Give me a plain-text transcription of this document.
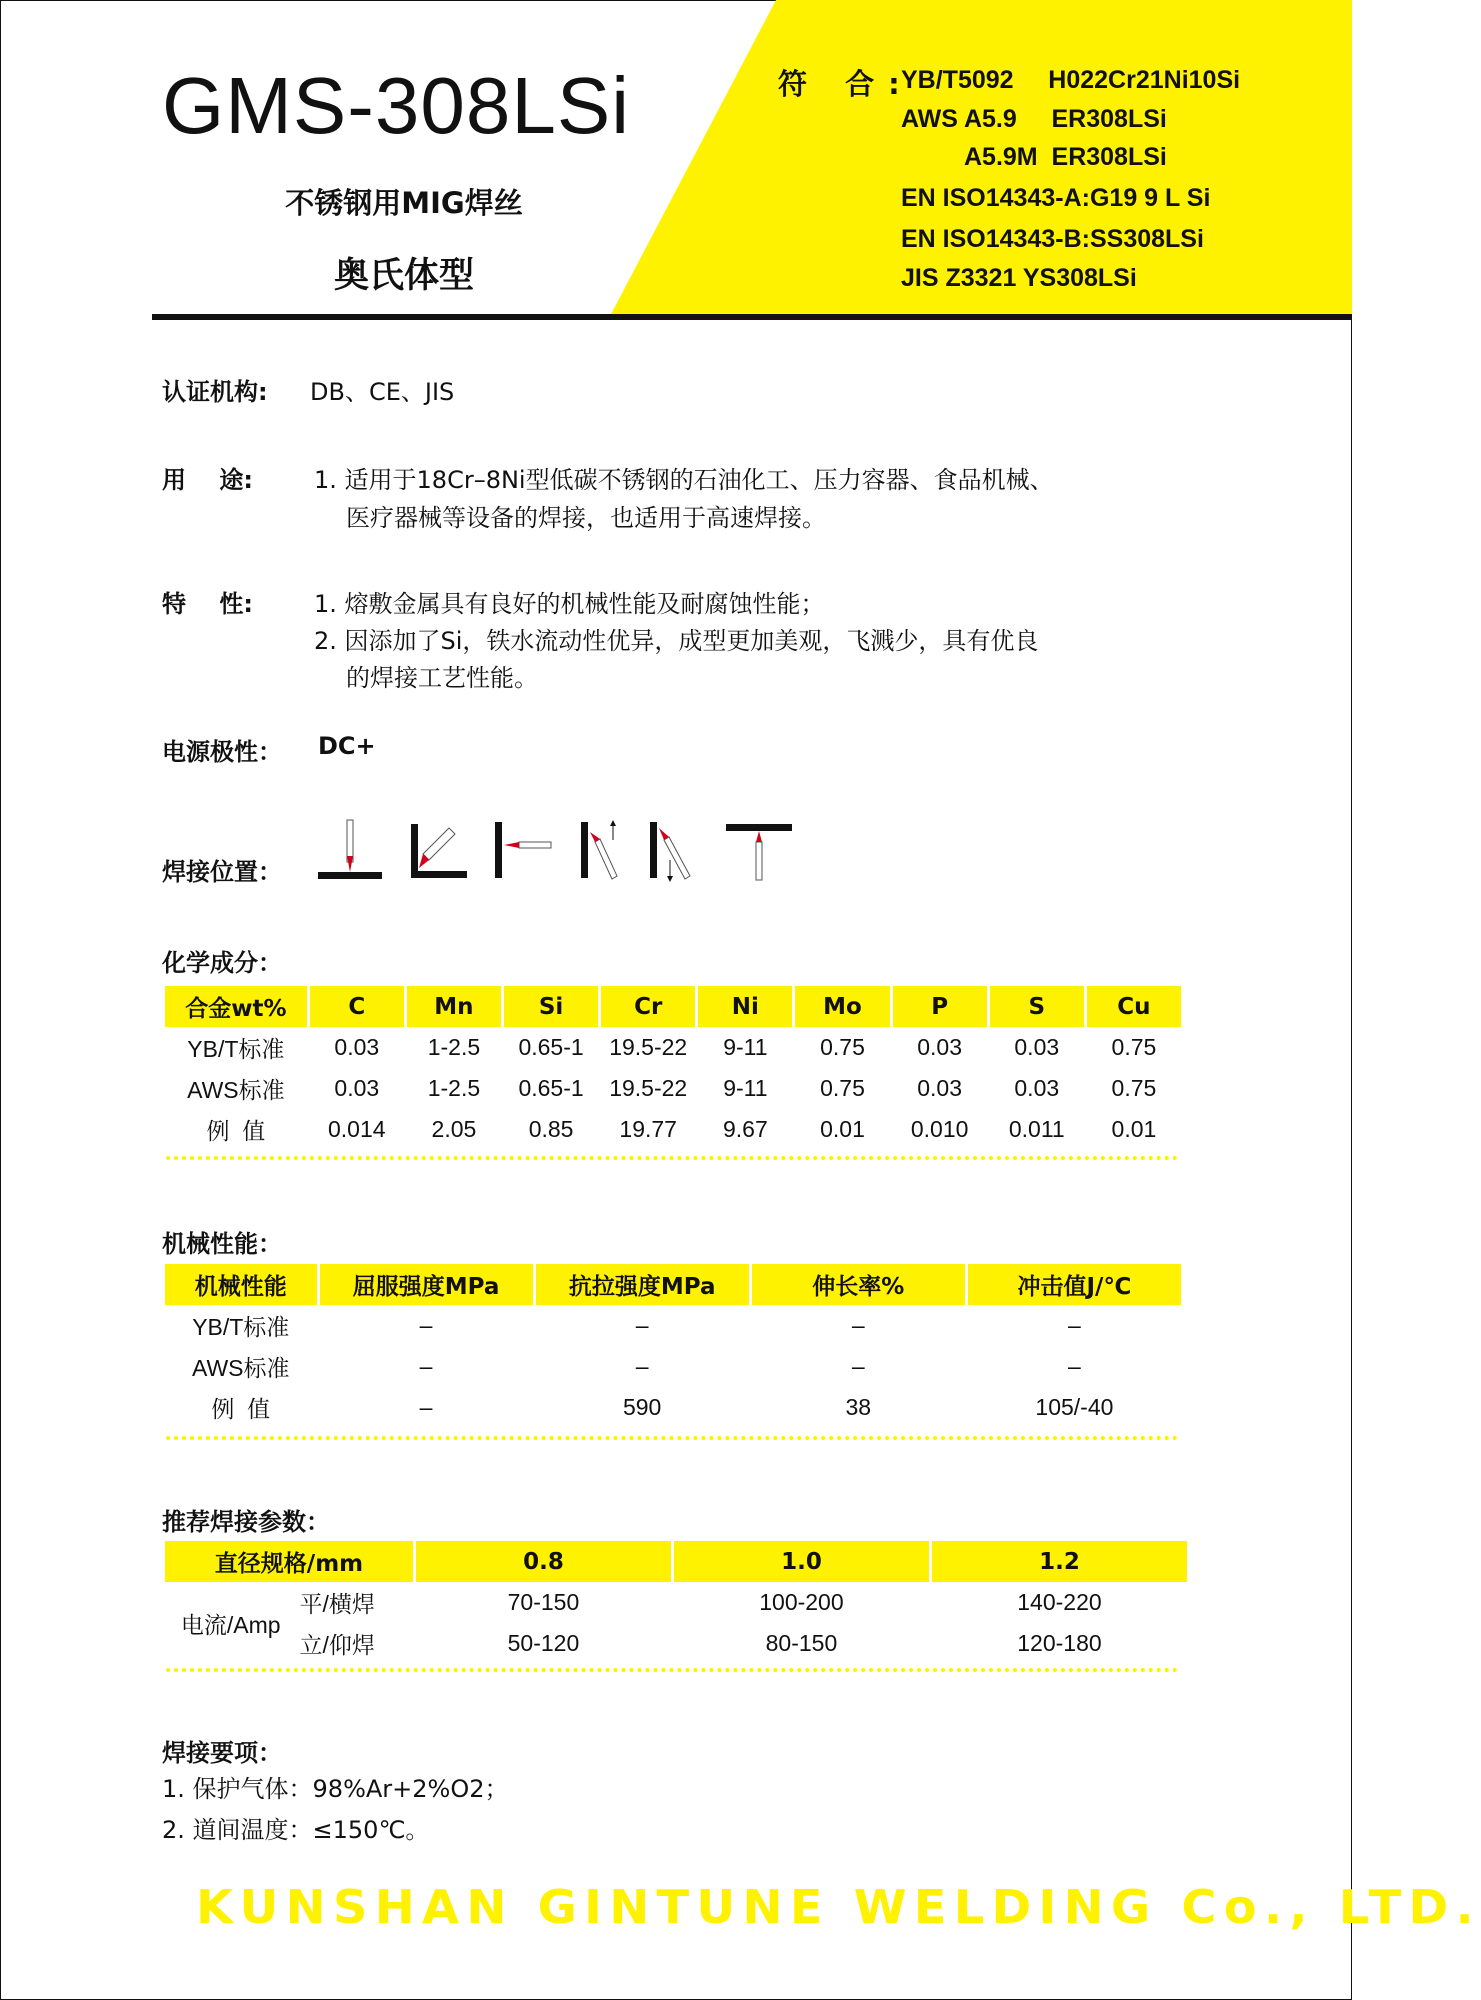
GMS-308LSi
不锈钢用MIG焊丝
奥氏体型
符 合:
YB/T5092     H022Cr21Ni10Si
AWS A5.9     ER308LSi
A5.9M  ER308LSi
EN ISO14343-A:G19 9 L Si
EN ISO14343-B:SS308LSi
JIS Z3321 YS308LSi
认证机构: DB、CE、JIS
用    途:	1. 适用于18Cr–8Ni型低碳不锈钢的石油化工、压力容器、食品机械、
医疗器械等设备的焊接，也适用于高速焊接。
特    性:	1. 熔敷金属具有良好的机械性能及耐腐蚀性能；
2. 因添加了Si，铁水流动性优异，成型更加美观，飞溅少，具有优良
的焊接工艺性能。
电源极性： DC+
焊接位置：
化学成分：
合金wt%	C	Mn	Si	Cr	Ni	Mo	P	S	Cu
YB/T标准	0.03	1-2.5	0.65-1	19.5-22	9-11	0.75	0.03	0.03	0.75
AWS标准	0.03	1-2.5	0.65-1	19.5-22	9-11	0.75	0.03	0.03	0.75
例  值	0.014	2.05	0.85	19.77	9.67	0.01	0.010	0.011	0.01
机械性能：
机械性能	屈服强度MPa	抗拉强度MPa	伸长率%	冲击值J/℃
YB/T标准	–	–	–	–
AWS标准	–	–	–	–
例  值	–	590	38	105/-40
推荐焊接参数：
直径规格/mm		0.8	1.0	1.2
电流/Amp	平/横焊	70-150	100-200	140-220
	立/仰焊	50-120	80-150	120-180
焊接要项：
1. 保护气体：98%Ar+2%O2；
2. 道间温度：≤150℃。
KUNSHAN GINTUNE WELDING Co., LTD.
